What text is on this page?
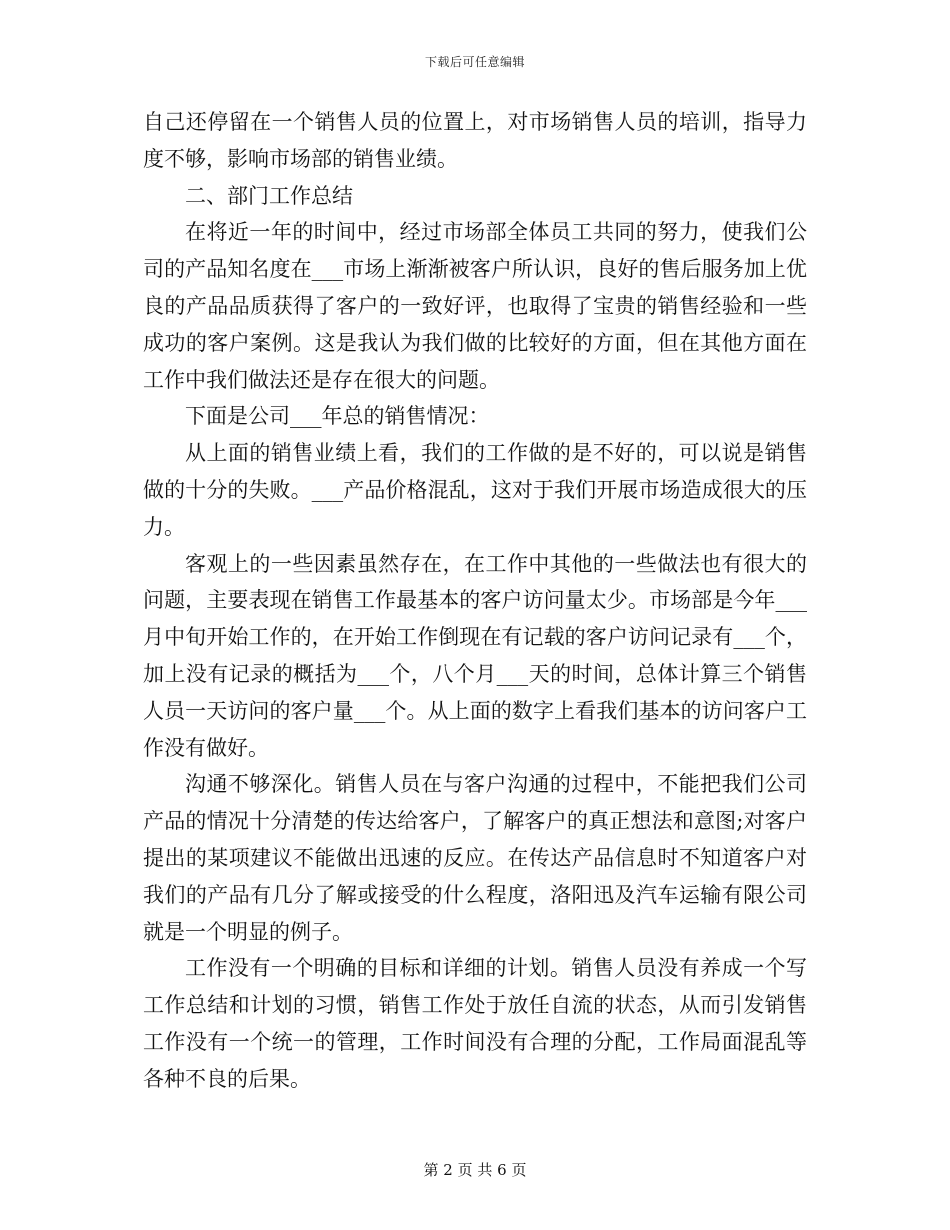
下载后可任意编辑

自己还停留在一个销售人员的位置上，对市场销售人员的培训，指导力度不够，影响市场部的销售业绩。

二、部门工作总结

在将近一年的时间中，经过市场部全体员工共同的努力，使我们公司的产品知名度在___市场上渐渐被客户所认识，良好的售后服务加上优良的产品品质获得了客户的一致好评，也取得了宝贵的销售经验和一些成功的客户案例。这是我认为我们做的比较好的方面，但在其他方面在工作中我们做法还是存在很大的问题。

下面是公司___年总的销售情况：

从上面的销售业绩上看，我们的工作做的是不好的，可以说是销售做的十分的失败。___产品价格混乱，这对于我们开展市场造成很大的压力。

客观上的一些因素虽然存在，在工作中其他的一些做法也有很大的问题，主要表现在销售工作最基本的客户访问量太少。市场部是今年___月中旬开始工作的，在开始工作倒现在有记载的客户访问记录有___个，加上没有记录的概括为___个，八个月___天的时间，总体计算三个销售人员一天访问的客户量___个。从上面的数字上看我们基本的访问客户工作没有做好。

沟通不够深化。销售人员在与客户沟通的过程中，不能把我们公司产品的情况十分清楚的传达给客户，了解客户的真正想法和意图;对客户提出的某项建议不能做出迅速的反应。在传达产品信息时不知道客户对我们的产品有几分了解或接受的什么程度，洛阳迅及汽车运输有限公司就是一个明显的例子。

工作没有一个明确的目标和详细的计划。销售人员没有养成一个写工作总结和计划的习惯，销售工作处于放任自流的状态，从而引发销售工作没有一个统一的管理，工作时间没有合理的分配，工作局面混乱等各种不良的后果。

第 2 页 共 6 页
